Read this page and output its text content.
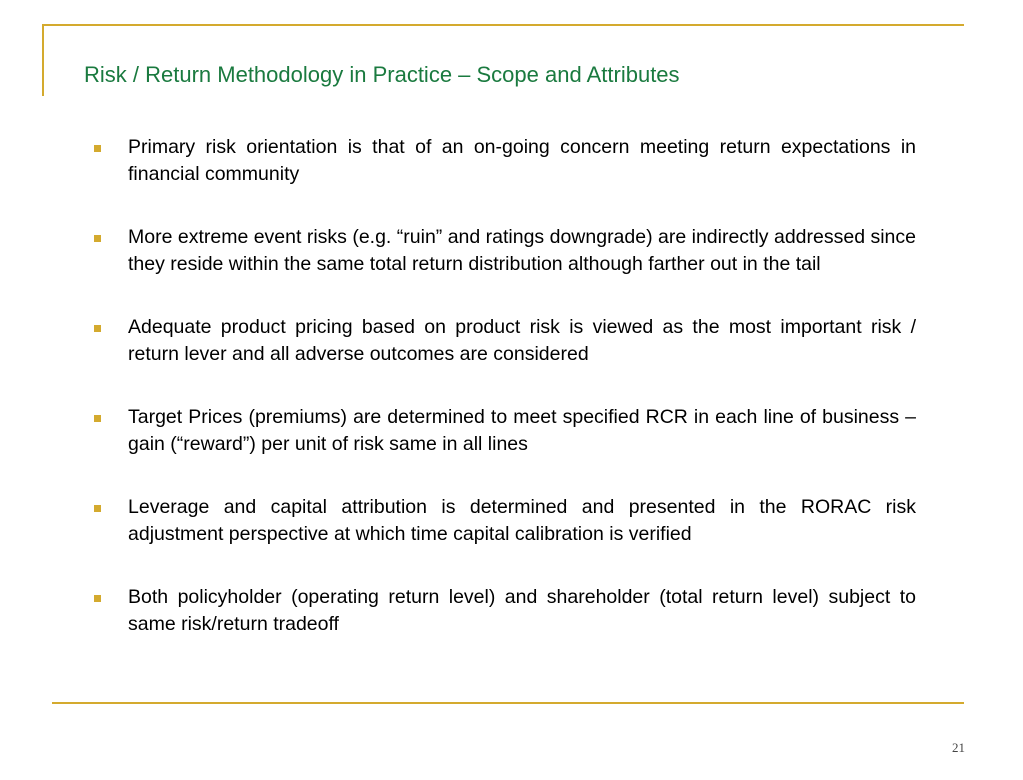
Risk / Return Methodology in Practice – Scope and Attributes
Primary risk orientation is that of an on-going concern meeting return expectations in financial community
More extreme event risks (e.g. “ruin” and ratings downgrade) are indirectly addressed since they reside within the same total return distribution although farther out in the tail
Adequate product pricing based on product risk is viewed as the most important risk / return lever and all adverse outcomes are considered
Target Prices (premiums) are determined to meet specified RCR in each line of business – gain (“reward”) per unit of risk same in all lines
Leverage and capital attribution is determined and presented in the RORAC risk adjustment perspective at which time capital calibration is verified
Both policyholder (operating return level) and shareholder (total return level) subject to same risk/return tradeoff
21
